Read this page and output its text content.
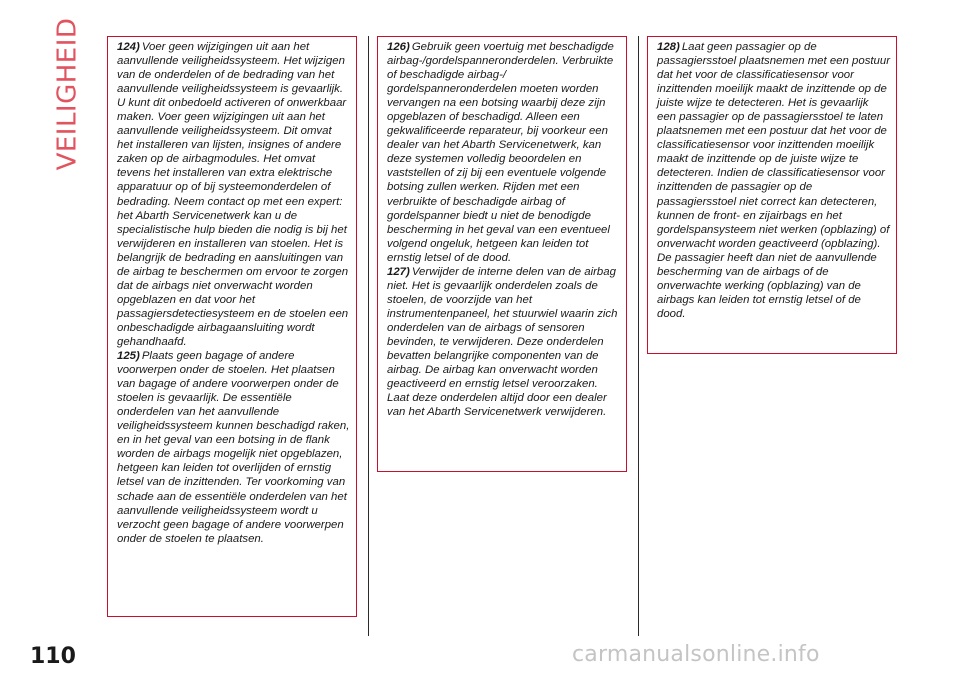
VEILIGHEID	124) Voer geen wijzigingen uit aan het aanvullende veiligheidssysteem. Het wijzigen van de onderdelen of de bedrading van het aanvullende veiligheidssysteem is gevaarlijk. U kunt dit onbedoeld activeren of onwerkbaar maken. Voer geen wijzigingen uit aan het aanvullende veiligheidssysteem. Dit omvat het installeren van lijsten, insignes of andere zaken op de airbagmodules. Het omvat tevens het installeren van extra elektrische apparatuur op of bij systeemonderdelen of bedrading. Neem contact op met een expert: het Abarth Servicenetwerk kan u de specialistische hulp bieden die nodig is bij het verwijderen en installeren van stoelen. Het is belangrijk de bedrading en aansluitingen van de airbag te beschermen om ervoor te zorgen dat de airbags niet onverwacht worden opgeblazen en dat voor het passagiersdetectiesysteem en de stoelen een onbeschadigde airbagaansluiting wordt gehandhaafd.

125) Plaats geen bagage of andere voorwerpen onder de stoelen. Het plaatsen van bagage of andere voorwerpen onder de stoelen is gevaarlijk. De essentiële onderdelen van het aanvullende veiligheidssysteem kunnen beschadigd raken, en in het geval van een botsing in de flank worden de airbags mogelijk niet opgeblazen, hetgeen kan leiden tot overlijden of ernstig letsel van de inzittenden. Ter voorkoming van schade aan de essentiële onderdelen van het aanvullende veiligheidssysteem wordt u verzocht geen bagage of andere voorwerpen onder de stoelen te plaatsen.

126) Gebruik geen voertuig met beschadigde airbag-/gordelspanneronderdelen. Verbruikte of beschadigde airbag-/ gordelspanneronderdelen moeten worden vervangen na een botsing waarbij deze zijn opgeblazen of beschadigd. Alleen een gekwalificeerde reparateur, bij voorkeur een dealer van het Abarth Servicenetwerk, kan deze systemen volledig beoordelen en vaststellen of zij bij een eventuele volgende botsing zullen werken. Rijden met een verbruikte of beschadigde airbag of gordelspanner biedt u niet de benodigde bescherming in het geval van een eventueel volgend ongeluk, hetgeen kan leiden tot ernstig letsel of de dood.

127) Verwijder de interne delen van de airbag niet. Het is gevaarlijk onderdelen zoals de stoelen, de voorzijde van het instrumentenpaneel, het stuurwiel waarin zich onderdelen van de airbags of sensoren bevinden, te verwijderen. Deze onderdelen bevatten belangrijke componenten van de airbag. De airbag kan onverwacht worden geactiveerd en ernstig letsel veroorzaken. Laat deze onderdelen altijd door een dealer van het Abarth Servicenetwerk verwijderen.

128) Laat geen passagier op de passagiersstoel plaatsnemen met een postuur dat het voor de classificatiesensor voor inzittenden moeilijk maakt de inzittende op de juiste wijze te detecteren. Het is gevaarlijk een passagier op de passagiersstoel te laten plaatsnemen met een postuur dat het voor de classificatiesensor voor inzittenden moeilijk maakt de inzittende op de juiste wijze te detecteren. Indien de classificatiesensor voor inzittenden de passagier op de passagiersstoel niet correct kan detecteren, kunnen de front- en zijairbags en het gordelspansysteem niet werken (opblazing) of onverwacht worden geactiveerd (opblazing). De passagier heeft dan niet de aanvullende bescherming van de airbags of de onverwachte werking (opblazing) van de airbags kan leiden tot ernstig letsel of de dood.

110	carmanualsonline.info
